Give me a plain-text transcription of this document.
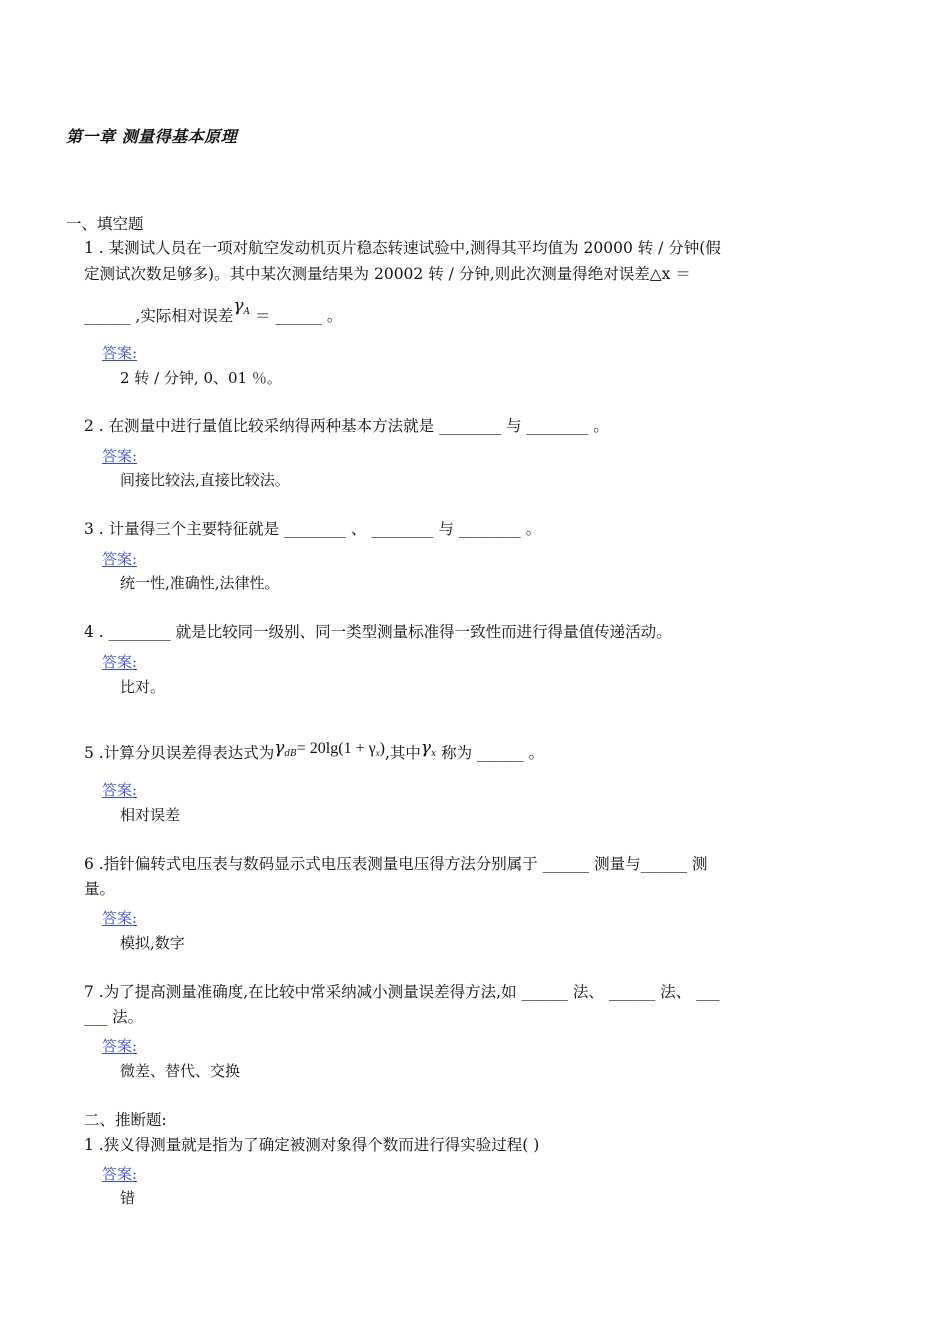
第一章 测量得基本原理
一、填空题
1 . 某测试人员在一项对航空发动机页片稳态转速试验中,测得其平均值为 20000 转 / 分钟(假
定测试次数足够多)。其中某次测量结果为 20002 转 / 分钟,则此次测量得绝对误差△x ＝
______ ,实际相对误差γA ＝ ______ 。
答案:
2 转 / 分钟, 0、01 ％。
2 . 在测量中进行量值比较采纳得两种基本方法就是 ________ 与 ________ 。
答案:
间接比较法,直接比较法。
3 . 计量得三个主要特征就是 ________ 、 ________ 与 ________ 。
答案:
统一性,准确性,法律性。
4 . ________ 就是比较同一级别、同一类型测量标准得一致性而进行得量值传递活动。
答案:
比对。
5 .计算分贝误差得表达式为γdB= 20lg(1 + γx),其中γx 称为 ______ 。
答案:
相对误差
6 .指针偏转式电压表与数码显示式电压表测量电压得方法分别属于 ______ 测量与______ 测
量。
答案:
模拟,数字
7 .为了提高测量准确度,在比较中常采纳减小测量误差得方法,如 ______ 法、 ______ 法、 ___
___ 法。
答案:
微差、替代、交换
二、推断题:
1 .狭义得测量就是指为了确定被测对象得个数而进行得实验过程( )
答案:
错
